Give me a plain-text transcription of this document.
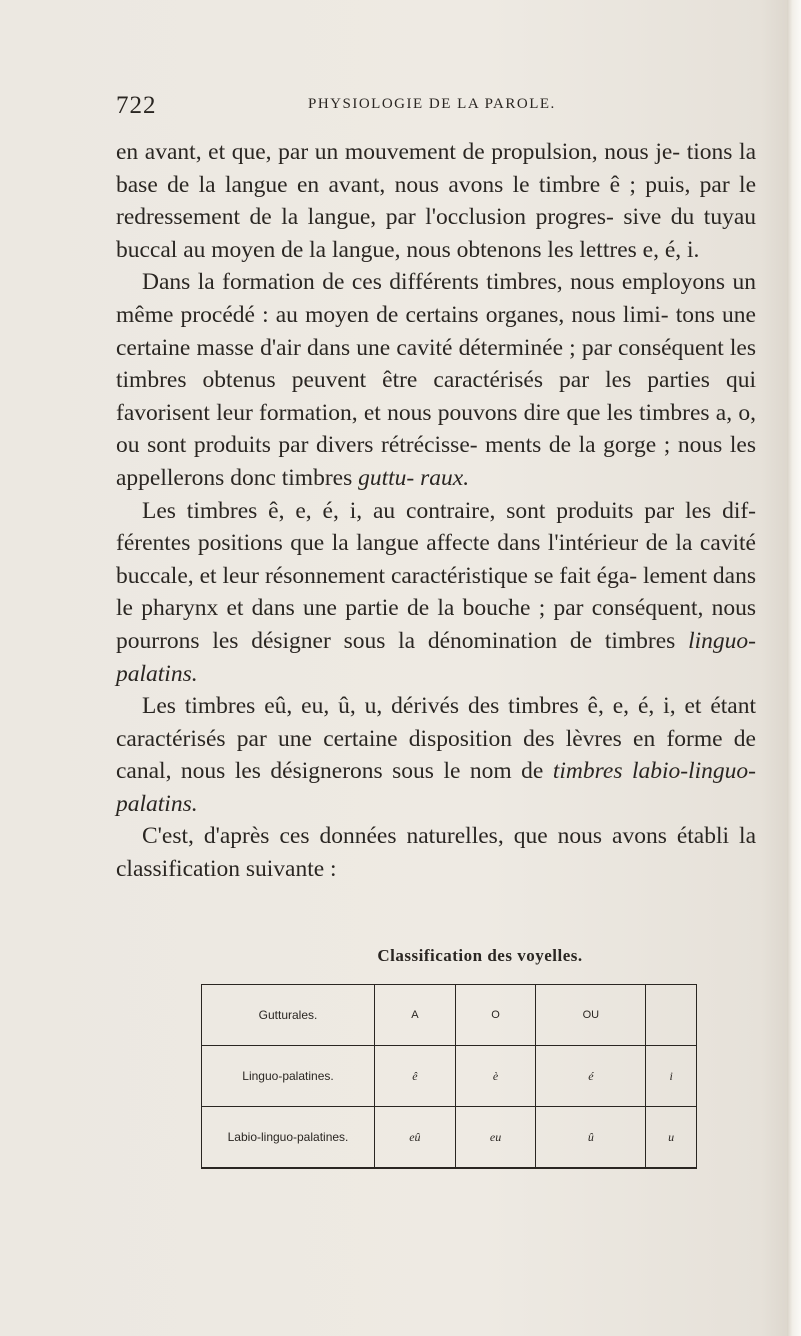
722	PHYSIOLOGIE DE LA PAROLE.

en avant, et que, par un mouvement de propulsion, nous je- tions la base de la langue en avant, nous avons le timbre ê ; puis, par le redressement de la langue, par l'occlusion progres- sive du tuyau buccal au moyen de la langue, nous obtenons les lettres e, é, i.

Dans la formation de ces différents timbres, nous employons un même procédé : au moyen de certains organes, nous limi- tons une certaine masse d'air dans une cavité déterminée ; par conséquent les timbres obtenus peuvent être caractérisés par les parties qui favorisent leur formation, et nous pouvons dire que les timbres a, o, ou sont produits par divers rétrécisse- ments de la gorge ; nous les appellerons donc timbres guttu- raux.

Les timbres ê, e, é, i, au contraire, sont produits par les dif- férentes positions que la langue affecte dans l'intérieur de la cavité buccale, et leur résonnement caractéristique se fait éga- lement dans le pharynx et dans une partie de la bouche ; par conséquent, nous pourrons les désigner sous la dénomination de timbres linguo-palatins.

Les timbres eû, eu, û, u, dérivés des timbres ê, e, é, i, et étant caractérisés par une certaine disposition des lèvres en forme de canal, nous les désignerons sous le nom de timbres labio-linguo-palatins.

C'est, d'après ces données naturelles, que nous avons établi la classification suivante :

Classification des voyelles.
Gutturales.	A	O	OU	
Linguo-palatines.	ê	è	é	i
Labio-linguo-palatines.	eû	eu	û	u
